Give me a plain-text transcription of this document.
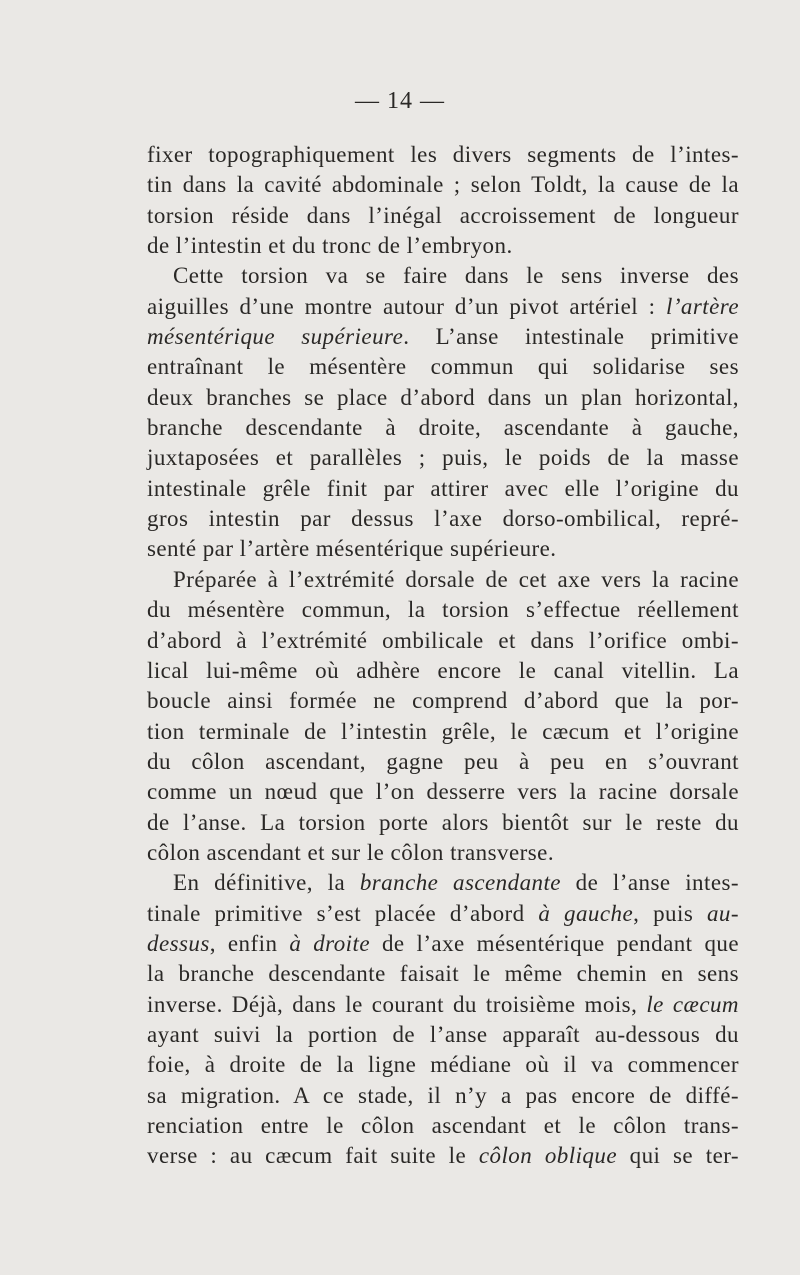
— 14 —
fixer topographiquement les divers segments de l’intes-
tin dans la cavité abdominale ; selon Toldt, la cause de la
torsion réside dans l’inégal accroissement de longueur
de l’intestin et du tronc de l’embryon.
Cette torsion va se faire dans le sens inverse des
aiguilles d’une montre autour d’un pivot artériel : l’artère
mésentérique supérieure. L’anse intestinale primitive
entraînant le mésentère commun qui solidarise ses
deux branches se place d’abord dans un plan horizontal,
branche descendante à droite, ascendante à gauche,
juxtaposées et parallèles ; puis, le poids de la masse
intestinale grêle finit par attirer avec elle l’origine du
gros intestin par dessus l’axe dorso-ombilical, repré-
senté par l’artère mésentérique supérieure.
Préparée à l’extrémité dorsale de cet axe vers la racine
du mésentère commun, la torsion s’effectue réellement
d’abord à l’extrémité ombilicale et dans l’orifice ombi-
lical lui-même où adhère encore le canal vitellin. La
boucle ainsi formée ne comprend d’abord que la por-
tion terminale de l’intestin grêle, le cæcum et l’origine
du côlon ascendant, gagne peu à peu en s’ouvrant
comme un nœud que l’on desserre vers la racine dorsale
de l’anse. La torsion porte alors bientôt sur le reste du
côlon ascendant et sur le côlon transverse.
En définitive, la branche ascendante de l’anse intes-
tinale primitive s’est placée d’abord à gauche, puis au-
dessus, enfin à droite de l’axe mésentérique pendant que
la branche descendante faisait le même chemin en sens
inverse. Déjà, dans le courant du troisième mois, le cæcum
ayant suivi la portion de l’anse apparaît au-dessous du
foie, à droite de la ligne médiane où il va commencer
sa migration. A ce stade, il n’y a pas encore de diffé-
renciation entre le côlon ascendant et le côlon trans-
verse : au cæcum fait suite le côlon oblique qui se ter-
